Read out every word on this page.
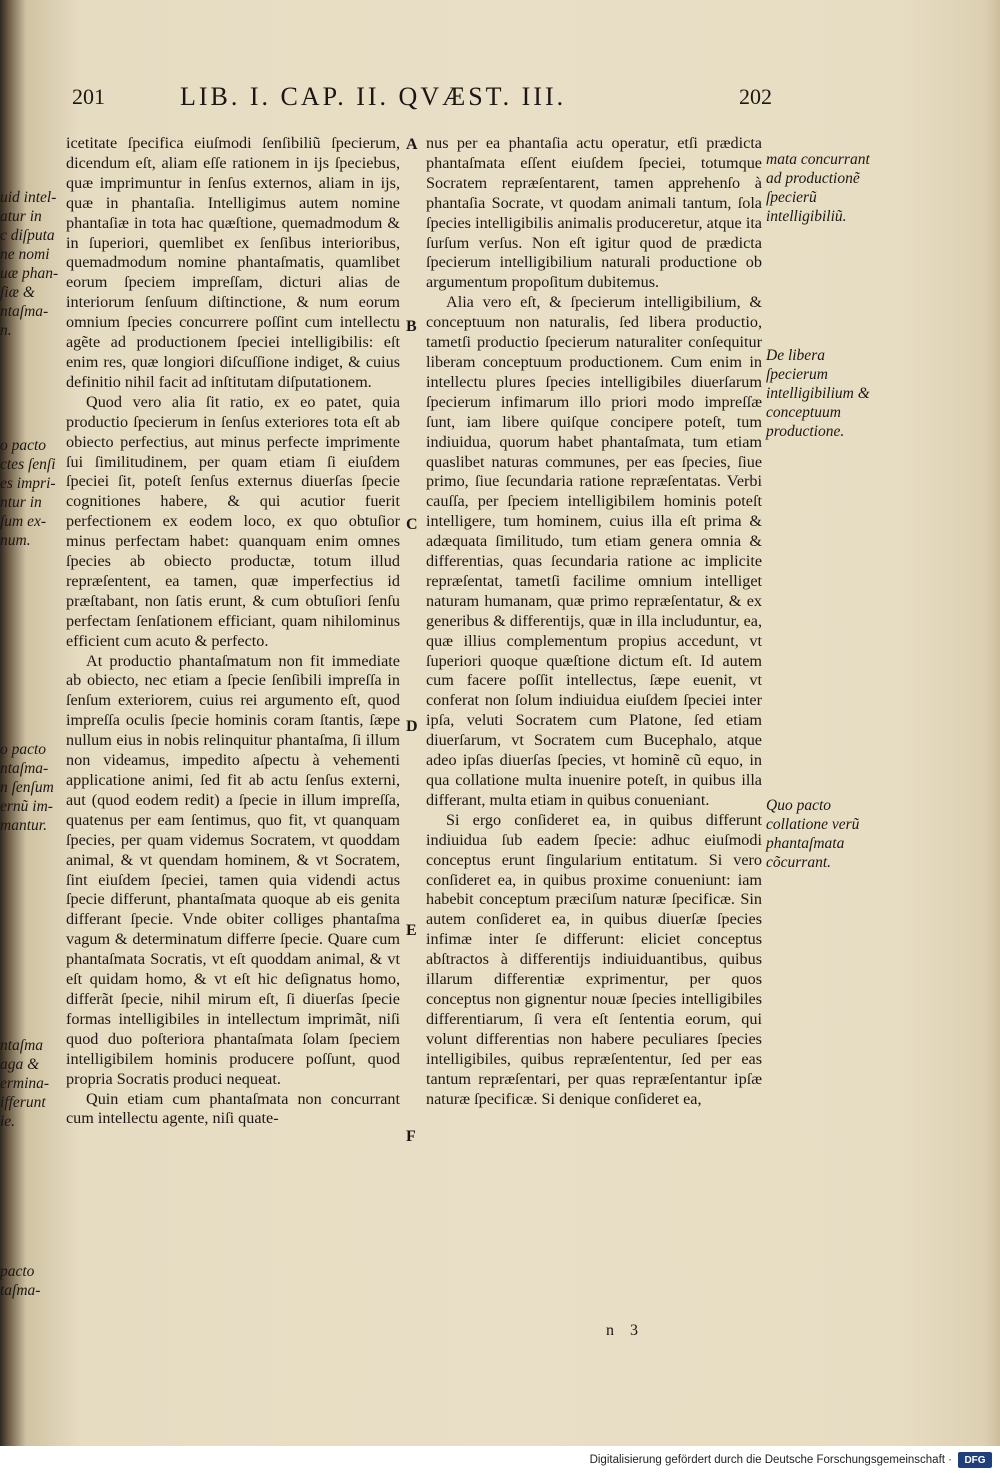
201	LIB. I. CAP. II. QVÆST. III.	202
uid intel-
atur in
c diſputa
ne nomi
uæ phan-
ſiæ &
ntaſma-
n.
o pacto
ctes ſenſi
es impri-
ntur in
ſum ex-
num.
o pacto
ntaſma-
n ſenſum
ernũ im-
mantur.
ntaſma
aga &
ermina-
ifferunt
ie.
pacto
taſma-

icetitate ſpecifica eiuſmodi ſenſibiliũ ſpecierum, dicendum eſt, aliam eſſe rationem in ijs ſpeciebus, quæ imprimuntur in ſenſus externos, aliam in ijs, quæ in phantaſia. Intelligimus autem nomine phantaſiæ in tota hac quæſtione, quemadmodum & in ſuperiori, quemlibet ex ſenſibus interioribus, quemadmodum nomine phantaſmatis, quamlibet eorum ſpeciem impreſſam, dicturi alias de interiorum ſenſuum diſtinctione, & num eorum omnium ſpecies concurrere poſſint cum intellectu agẽte ad productionem ſpeciei intelligibilis: eſt enim res, quæ longiori diſcuſſione indiget, & cuius definitio nihil facit ad inſtitutam diſputationem.

Quod vero alia ſit ratio, ex eo patet, quia productio ſpecierum in ſenſus exteriores tota eſt ab obiecto perfectius, aut minus perfecte imprimente ſui ſimilitudinem, per quam etiam ſi eiuſdem ſpeciei ſit, poteſt ſenſus externus diuerſas ſpecie cognitiones habere, & qui acutior fuerit perfectionem ex eodem loco, ex quo obtuſior minus perfectam habet: quanquam enim omnes ſpecies ab obiecto productæ, totum illud repræſentent, ea tamen, quæ imperfectius id præſtabant, non ſatis erunt, & cum obtuſiori ſenſu perfectam ſenſationem efficiant, quam nihilominus efficient cum acuto & perfecto.

At productio phantaſmatum non fit immediate ab obiecto, nec etiam a ſpecie ſenſibili impreſſa in ſenſum exteriorem, cuius rei argumento eſt, quod impreſſa oculis ſpecie hominis coram ſtantis, ſæpe nullum eius in nobis relinquitur phantaſma, ſi illum non videamus, impedito aſpectu à vehementi applicatione animi, ſed fit ab actu ſenſus externi, aut (quod eodem redit) a ſpecie in illum impreſſa, quatenus per eam ſentimus, quo fit, vt quanquam ſpecies, per quam videmus Socratem, vt quoddam animal, & vt quendam hominem, & vt Socratem, ſint eiuſdem ſpeciei, tamen quia videndi actus ſpecie differunt, phantaſmata quoque ab eis genita differant ſpecie. Vnde obiter colliges phantaſma vagum & determinatum differre ſpecie. Quare cum phantaſmata Socratis, vt eſt quoddam animal, & vt eſt quidam homo, & vt eſt hic deſignatus homo, differãt ſpecie, nihil mirum eſt, ſi diuerſas ſpecie formas intelligibiles in intellectum imprimãt, niſi quod duo poſteriora phantaſmata ſolam ſpeciem intelligibilem hominis producere poſſunt, quod propria Socratis produci nequeat.

Quin etiam cum phantaſmata non concurrant cum intellectu agente, niſi quate-

A
B
C
D
E
F

nus per ea phantaſia actu operatur, etſi prædicta phantaſmata eſſent eiuſdem ſpeciei, totumque Socratem repræſentarent, tamen apprehenſo à phantaſia Socrate, vt quodam animali tantum, ſola ſpecies intelligibilis animalis produceretur, atque ita ſurſum verſus. Non eſt igitur quod de prædicta ſpecierum intelligibilium naturali productione ob argumentum propoſitum dubitemus.

Alia vero eſt, & ſpecierum intelligibilium, & conceptuum non naturalis, ſed libera productio, tametſi productio ſpecierum naturaliter conſequitur liberam conceptuum productionem. Cum enim in intellectu plures ſpecies intelligibiles diuerſarum ſpecierum infimarum illo priori modo impreſſæ ſunt, iam libere quiſque concipere poteſt, tum indiuidua, quorum habet phantaſmata, tum etiam quaslibet naturas communes, per eas ſpecies, ſiue primo, ſiue ſecundaria ratione repræſentatas. Verbi cauſſa, per ſpeciem intelligibilem hominis poteſt intelligere, tum hominem, cuius illa eſt prima & adæquata ſimilitudo, tum etiam genera omnia & differentias, quas ſecundaria ratione ac implicite repræſentat, tametſi facilime omnium intelliget naturam humanam, quæ primo repræſentatur, & ex generibus & differentijs, quæ in illa includuntur, ea, quæ illius complementum propius accedunt, vt ſuperiori quoque quæſtione dictum eſt. Id autem cum facere poſſit intellectus, ſæpe euenit, vt conferat non ſolum indiuidua eiuſdem ſpeciei inter ipſa, veluti Socratem cum Platone, ſed etiam diuerſarum, vt Socratem cum Bucephalo, atque adeo ipſas diuerſas ſpecies, vt hominẽ cũ equo, in qua collatione multa inuenire poteſt, in quibus illa differant, multa etiam in quibus conueniant.

Si ergo conſideret ea, in quibus differunt indiuidua ſub eadem ſpecie: adhuc eiuſmodi conceptus erunt ſingularium entitatum. Si vero conſideret ea, in quibus proxime conueniunt: iam habebit conceptum præciſum naturæ ſpecificæ. Sin autem conſideret ea, in quibus diuerſæ ſpecies infimæ inter ſe differunt: eliciet conceptus abſtractos à differentijs indiuiduantibus, quibus illarum differentiæ exprimentur, per quos conceptus non gignentur nouæ ſpecies intelligibiles differentiarum, ſi vera eſt ſententia eorum, qui volunt differentias non habere peculiares ſpecies intelligibiles, quibus repræſententur, ſed per eas tantum repræſentari, per quas repræſentantur ipſæ naturæ ſpecificæ. Si denique conſideret ea,

mata concurrant ad productionẽ ſpecierũ intelligibiliũ.
De libera ſpecierum intelligibilium & conceptuum productione.
Quo pacto collatione verũ phantaſmata cõcurrant.
n 3
Digitalisierung gefördert durch die Deutsche Forschungsgemeinschaft ·	DFG
